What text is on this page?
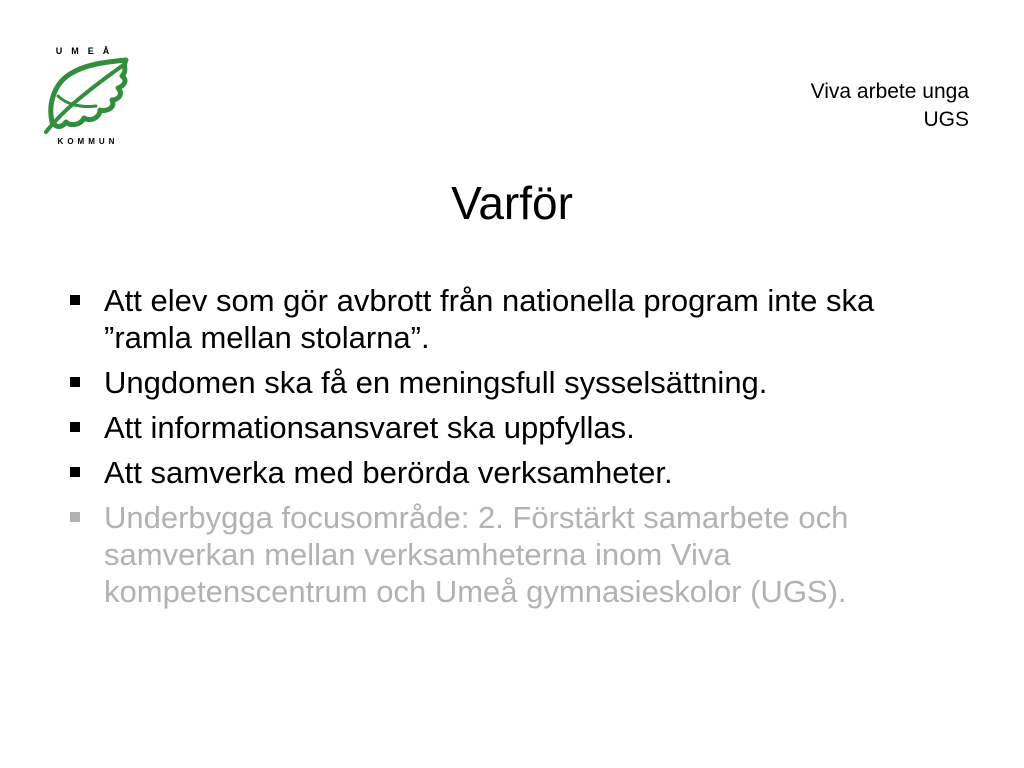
UMEÅ
KOMMUN
Viva arbete unga
UGS
Varför
Att elev som gör avbrott från nationella program inte ska ”ramla mellan stolarna”.
Ungdomen ska få en meningsfull sysselsättning.
Att informationsansvaret ska uppfyllas.
Att samverka med berörda verksamheter.
Underbygga focusområde: 2. Förstärkt samarbete och samverkan mellan verksamheterna inom Viva kompetenscentrum och Umeå gymnasieskolor (UGS).
